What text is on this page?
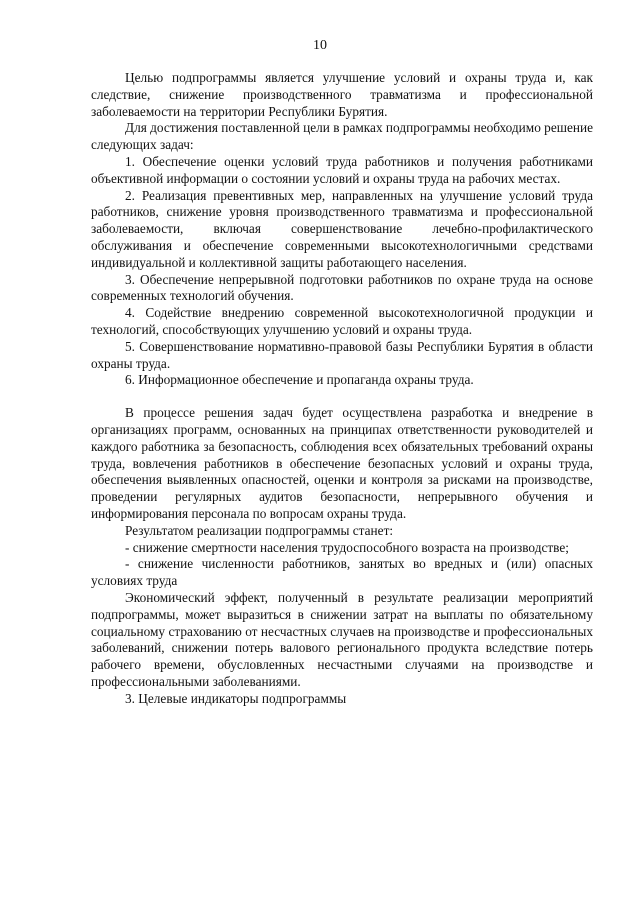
10

Целью подпрограммы является улучшение условий и охраны труда и, как следствие, снижение производственного травматизма и профессиональной заболеваемости на территории Республики Бурятия.

Для достижения поставленной цели в рамках подпрограммы необходимо решение следующих задач:

1. Обеспечение оценки условий труда работников и получения работниками объективной информации о состоянии условий и охраны труда на рабочих местах.

2. Реализация превентивных мер, направленных на улучшение условий труда работников, снижение уровня производственного травматизма и профессиональной заболеваемости, включая совершенствование лечебно-профилактического обслуживания и обеспечение современными высокотехнологичными средствами индивидуальной и коллективной защиты работающего населения.

3. Обеспечение непрерывной подготовки работников по охране труда на основе современных технологий обучения.

4. Содействие внедрению современной высокотехнологичной продукции и технологий, способствующих улучшению условий и охраны труда.

5. Совершенствование нормативно-правовой базы Республики Бурятия в области охраны труда.

6. Информационное обеспечение и пропаганда охраны труда.

В процессе решения задач будет осуществлена разработка и внедрение в организациях программ, основанных на принципах ответственности руководителей и каждого работника за безопасность, соблюдения всех обязательных требований охраны труда, вовлечения работников в обеспечение безопасных условий и охраны труда, обеспечения выявленных опасностей, оценки и контроля за рисками на производстве, проведении регулярных аудитов безопасности, непрерывного обучения и информирования персонала по вопросам охраны труда.

Результатом реализации подпрограммы станет:

- снижение смертности населения трудоспособного возраста на производстве;

- снижение численности работников, занятых во вредных и (или) опасных условиях труда

Экономический эффект, полученный в результате реализации мероприятий подпрограммы, может выразиться в снижении затрат на выплаты по обязательному социальному страхованию от несчастных случаев на производстве и профессиональных заболеваний, снижении потерь валового регионального продукта вследствие потерь рабочего времени, обусловленных несчастными случаями на производстве и профессиональными заболеваниями.

3. Целевые индикаторы подпрограммы
